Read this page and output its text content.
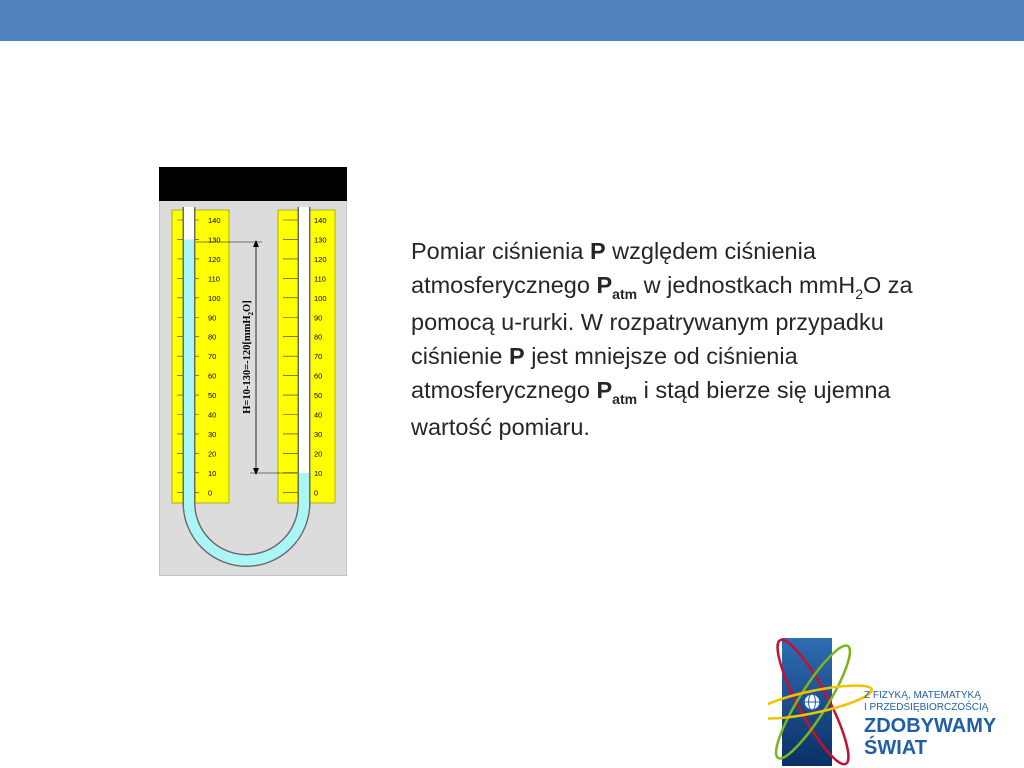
140	140
130	130
120	120
110	110
100	100
90	90
80	80
70	70
60	60
50	50
40	40
30	30
20	20
10	10
0	0
H=10-130=-120[mmH$_2$O]

Pomiar ciśnienia P względem ciśnienia atmosferycznego $P_{atm}$ w jednostkach mmH$_2$O za pomocą u-rurki. W rozpatrywanym przypadku ciśnienie P jest mniejsze od ciśnienia atmosferycznego $P_{atm}$ i stąd bierze się ujemna wartość pomiaru.

Z FIZYKĄ, MATEMATYKĄ
I PRZEDSIĘBIORCZOŚCIĄ
ZDOBYWAMY
ŚWIAT
